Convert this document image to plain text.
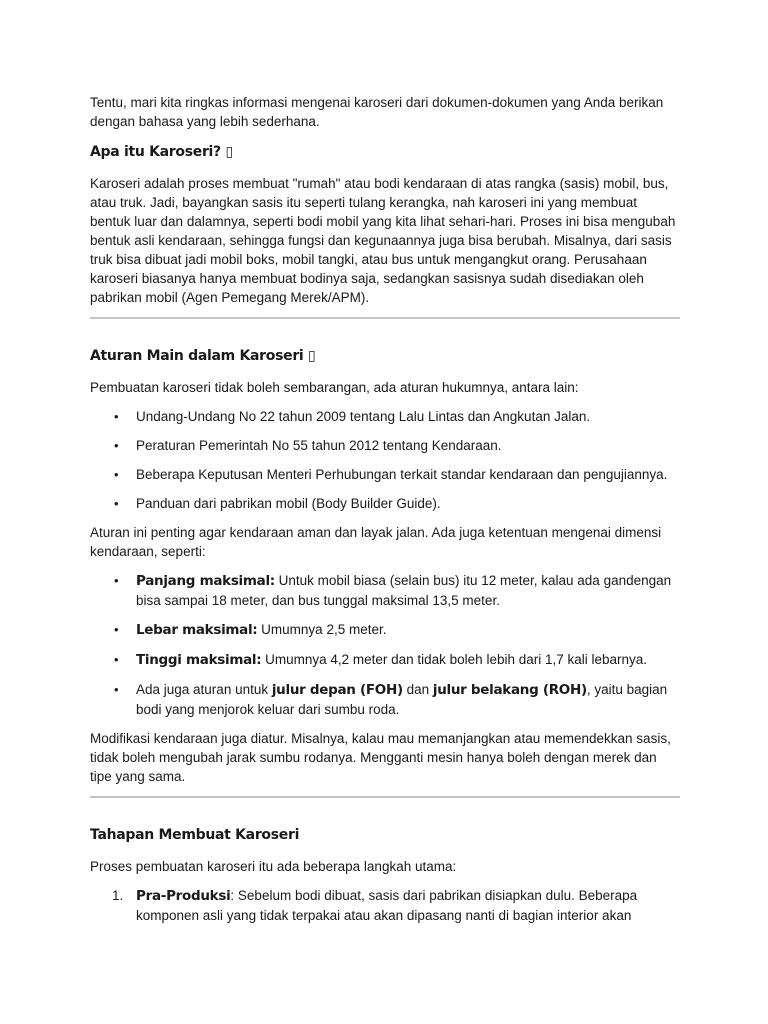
Tentu, mari kita ringkas informasi mengenai karoseri dari dokumen-dokumen yang Anda berikan dengan bahasa yang lebih sederhana.

Apa itu Karoseri? ▯

Karoseri adalah proses membuat "rumah" atau bodi kendaraan di atas rangka (sasis) mobil, bus, atau truk. Jadi, bayangkan sasis itu seperti tulang kerangka, nah karoseri ini yang membuat bentuk luar dan dalamnya, seperti bodi mobil yang kita lihat sehari-hari. Proses ini bisa mengubah bentuk asli kendaraan, sehingga fungsi dan kegunaannya juga bisa berubah. Misalnya, dari sasis truk bisa dibuat jadi mobil boks, mobil tangki, atau bus untuk mengangkut orang. Perusahaan karoseri biasanya hanya membuat bodinya saja, sedangkan sasisnya sudah disediakan oleh pabrikan mobil (Agen Pemegang Merek/APM).

Aturan Main dalam Karoseri ▯

Pembuatan karoseri tidak boleh sembarangan, ada aturan hukumnya, antara lain:

• Undang-Undang No 22 tahun 2009 tentang Lalu Lintas dan Angkutan Jalan.
• Peraturan Pemerintah No 55 tahun 2012 tentang Kendaraan.
• Beberapa Keputusan Menteri Perhubungan terkait standar kendaraan dan pengujiannya.
• Panduan dari pabrikan mobil (Body Builder Guide).

Aturan ini penting agar kendaraan aman dan layak jalan. Ada juga ketentuan mengenai dimensi kendaraan, seperti:

• Panjang maksimal: Untuk mobil biasa (selain bus) itu 12 meter, kalau ada gandengan bisa sampai 18 meter, dan bus tunggal maksimal 13,5 meter.
• Lebar maksimal: Umumnya 2,5 meter.
• Tinggi maksimal: Umumnya 4,2 meter dan tidak boleh lebih dari 1,7 kali lebarnya.
• Ada juga aturan untuk julur depan (FOH) dan julur belakang (ROH), yaitu bagian bodi yang menjorok keluar dari sumbu roda.

Modifikasi kendaraan juga diatur. Misalnya, kalau mau memanjangkan atau memendekkan sasis, tidak boleh mengubah jarak sumbu rodanya. Mengganti mesin hanya boleh dengan merek dan tipe yang sama.

Tahapan Membuat Karoseri

Proses pembuatan karoseri itu ada beberapa langkah utama:

1. Pra-Produksi: Sebelum bodi dibuat, sasis dari pabrikan disiapkan dulu. Beberapa komponen asli yang tidak terpakai atau akan dipasang nanti di bagian interior akan
